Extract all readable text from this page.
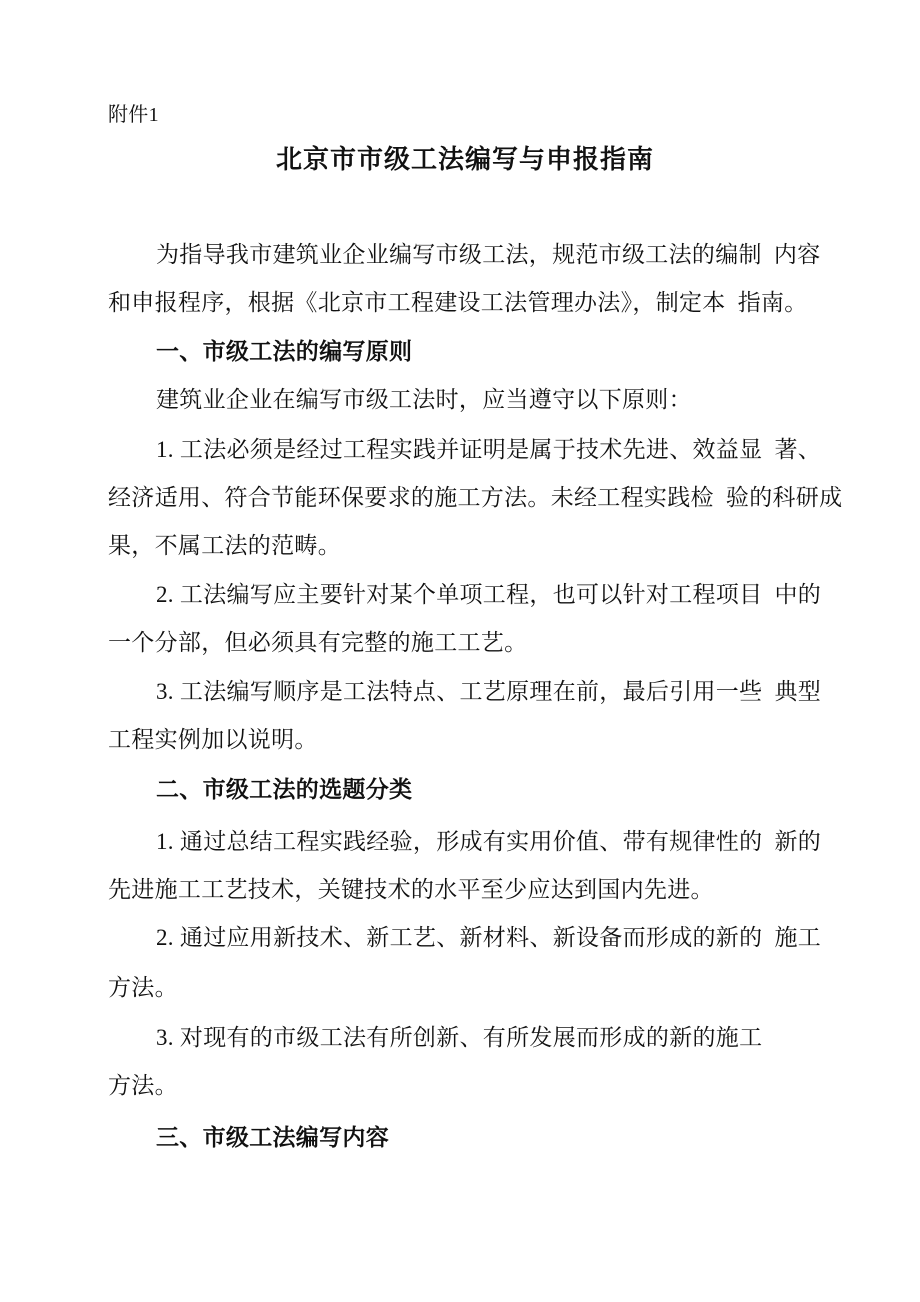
附件1
北京市市级工法编写与申报指南
为指导我市建筑业企业编写市级工法，规范市级工法的编制  内容
和申报程序，根据《北京市工程建设工法管理办法》，制定本  指南。
一、市级工法的编写原则
建筑业企业在编写市级工法时，应当遵守以下原则：
1. 工法必须是经过工程实践并证明是属于技术先进、效益显  著、
经济适用、符合节能环保要求的施工方法。未经工程实践检  验的科研成
果，不属工法的范畴。
2. 工法编写应主要针对某个单项工程，也可以针对工程项目  中的
一个分部，但必须具有完整的施工工艺。
3. 工法编写顺序是工法特点、工艺原理在前，最后引用一些  典型
工程实例加以说明。
二、市级工法的选题分类
1. 通过总结工程实践经验，形成有实用价值、带有规律性的  新的
先进施工工艺技术，关键技术的水平至少应达到国内先进。
2. 通过应用新技术、新工艺、新材料、新设备而形成的新的  施工
方法。
3. 对现有的市级工法有所创新、有所发展而形成的新的施工
方法。
三、市级工法编写内容
